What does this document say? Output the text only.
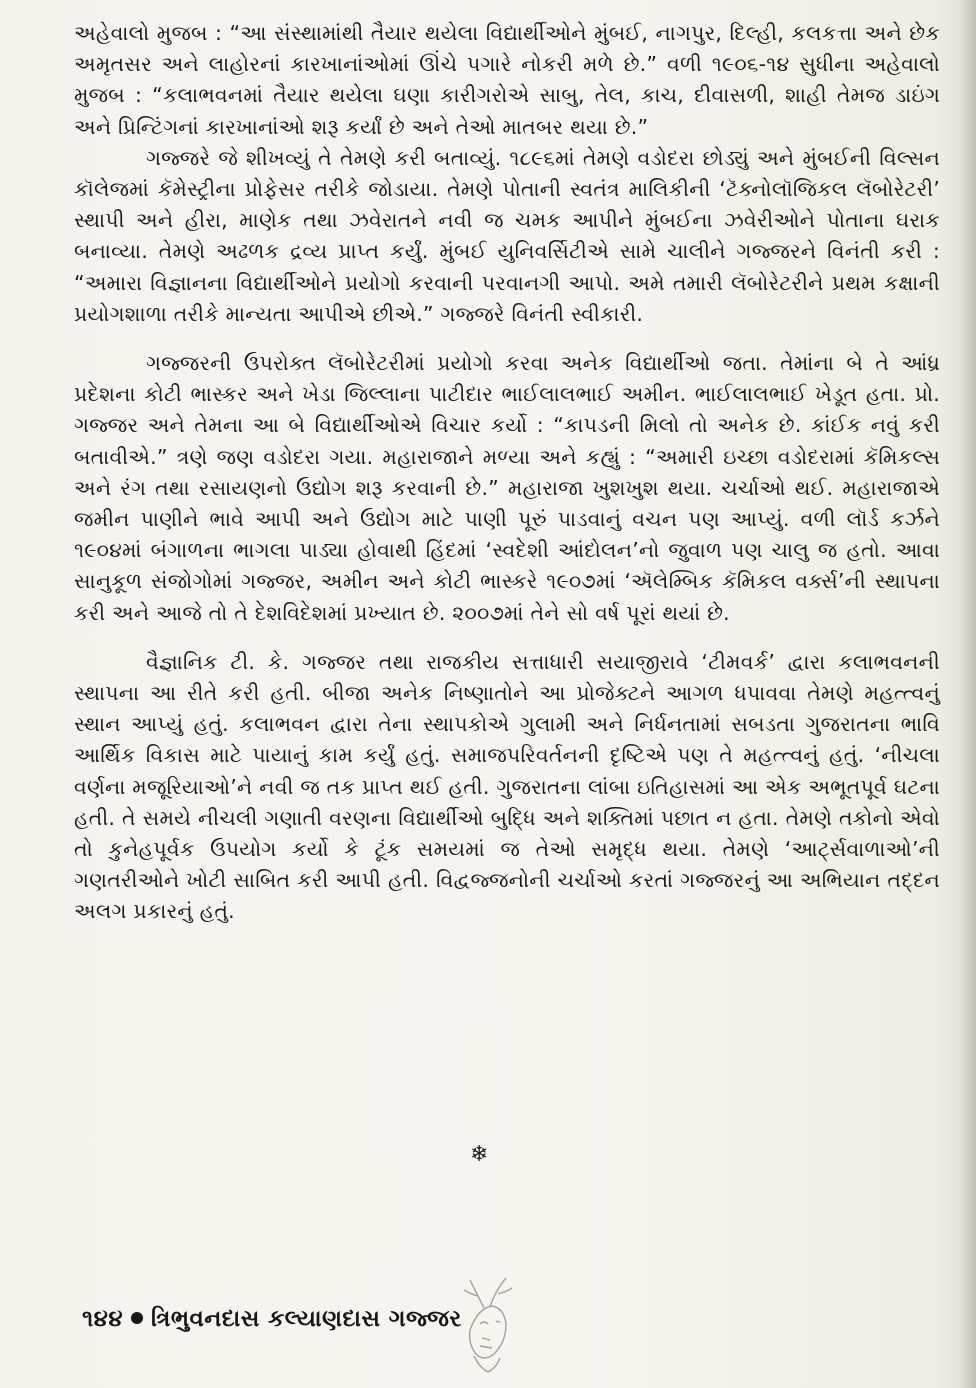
અહેવાલો મુજબ : “આ સંસ્થામાંથી તૈયાર થયેલા વિદ્યાર્થીઓને મુંબઈ, નાગપુર, દિલ્હી, કલકત્તા અને છેક અમૃતસર અને લાહોરનાં કારખાનાંઓમાં ઊંચે પગારે નોકરી મળે છે.” વળી ૧૯૦૬-૧૪ સુધીના અહેવાલો મુજબ : “કલાભવનમાં તૈયાર થયેલા ઘણા કારીગરોએ સાબુ, તેલ, કાચ, દીવાસળી, શાહી તેમજ ડાઇંગ અને પ્રિન્ટિંગનાં કારખાનાંઓ શરૂ કર્યાં છે અને તેઓ માતબર થયા છે.”

ગજ્જરે જે શીખવ્યું તે તેમણે કરી બતાવ્યું. ૧૮૯૬માં તેમણે વડોદરા છોડ્યું અને મુંબઈની વિલ્સન કૉલેજમાં કૅમેસ્ટ્રીના પ્રોફેસર તરીકે જોડાયા. તેમણે પોતાની સ્વતંત્ર માલિકીની ‘ટૅક્નોલૉજિકલ લૅબોરેટરી’ સ્થાપી અને હીરા, માણેક તથા ઝવેરાતને નવી જ ચમક આપીને મુંબઈના ઝવેરીઓને પોતાના ઘરાક બનાવ્યા. તેમણે અઢળક દ્રવ્ય પ્રાપ્ત કર્યું. મુંબઈ યુનિવર્સિટીએ સામે ચાલીને ગજ્જરને વિનંતી કરી : “અમારા વિજ્ઞાનના વિદ્યાર્થીઓને પ્રયોગો કરવાની પરવાનગી આપો. અમે તમારી લૅબોરેટરીને પ્રથમ કક્ષાની પ્રયોગશાળા તરીકે માન્યતા આપીએ છીએ.” ગજ્જરે વિનંતી સ્વીકારી.

ગજ્જરની ઉપરોક્ત લૅબોરેટરીમાં પ્રયોગો કરવા અનેક વિદ્યાર્થીઓ જતા. તેમાંના બે તે આંધ્ર પ્રદેશના કોટી ભાસ્કર અને ખેડા જિલ્લાના પાટીદાર ભાઈલાલભાઈ અમીન. ભાઈલાલભાઈ ખેડૂત હતા. પ્રો. ગજ્જર અને તેમના આ બે વિદ્યાર્થીઓએ વિચાર કર્યો : “કાપડની મિલો તો અનેક છે. કાંઈક નવું કરી બતાવીએ.” ત્રણે જણ વડોદરા ગયા. મહારાજાને મળ્યા અને કહ્યું : “અમારી ઇચ્છા વડોદરામાં કૅમિકલ્સ અને રંગ તથા રસાયણનો ઉદ્યોગ શરૂ કરવાની છે.” મહારાજા ખુશખુશ થયા. ચર્ચાઓ થઈ. મહારાજાએ જમીન પાણીને ભાવે આપી અને ઉદ્યોગ માટે પાણી પૂરું પાડવાનું વચન પણ આપ્યું. વળી લૉર્ડ કર્ઝને ૧૯૦૪માં બંગાળના ભાગલા પાડ્યા હોવાથી હિંદમાં ‘સ્વદેશી આંદોલન’નો જુવાળ પણ ચાલુ જ હતો. આવા સાનુકૂળ સંજોગોમાં ગજ્જર, અમીન અને કોટી ભાસ્કરે ૧૯૦૭માં ‘ઍલેમ્બિક કૅમિકલ વર્ક્સ’ની સ્થાપના કરી અને આજે તો તે દેશવિદેશમાં પ્રખ્યાત છે. ૨૦૦૭માં તેને સો વર્ષ પૂરાં થયાં છે.

વૈજ્ઞાનિક ટી. કે. ગજ્જર તથા રાજકીય સત્તાધારી સયાજીરાવે ‘ટીમવર્ક’ દ્વારા કલાભવનની સ્થાપના આ રીતે કરી હતી. બીજા અનેક નિષ્ણાતોને આ પ્રોજેક્ટને આગળ ધપાવવા તેમણે મહત્ત્વનું સ્થાન આપ્યું હતું. કલાભવન દ્વારા તેના સ્થાપકોએ ગુલામી અને નિર્ધનતામાં સબડતા ગુજરાતના ભાવિ આર્થિક વિકાસ માટે પાયાનું કામ કર્યું હતું. સમાજપરિવર્તનની દૃષ્ટિએ પણ તે મહત્ત્વનું હતું. ‘નીચલા વર્ણના મજૂરિયાઓ’ને નવી જ તક પ્રાપ્ત થઈ હતી. ગુજરાતના લાંબા ઇતિહાસમાં આ એક અભૂતપૂર્વ ઘટના હતી. તે સમયે નીચલી ગણાતી વરણના વિદ્યાર્થીઓ બુદ્ધિ અને શક્તિમાં પછાત ન હતા. તેમણે તકોનો એવો તો કુનેહપૂર્વક ઉપયોગ કર્યો કે ટૂંક સમયમાં જ તેઓ સમૃદ્ધ થયા. તેમણે ‘આર્ટ્સવાળાઓ’ની ગણતરીઓને ખોટી સાબિત કરી આપી હતી. વિદ્વજ્જનોની ચર્ચાઓ કરતાં ગજ્જરનું આ અભિયાન તદ્દન અલગ પ્રકારનું હતું.

❄
૧૪૪ ત્રિભુવનદાસ કલ્યાણદાસ ગજ્જર
